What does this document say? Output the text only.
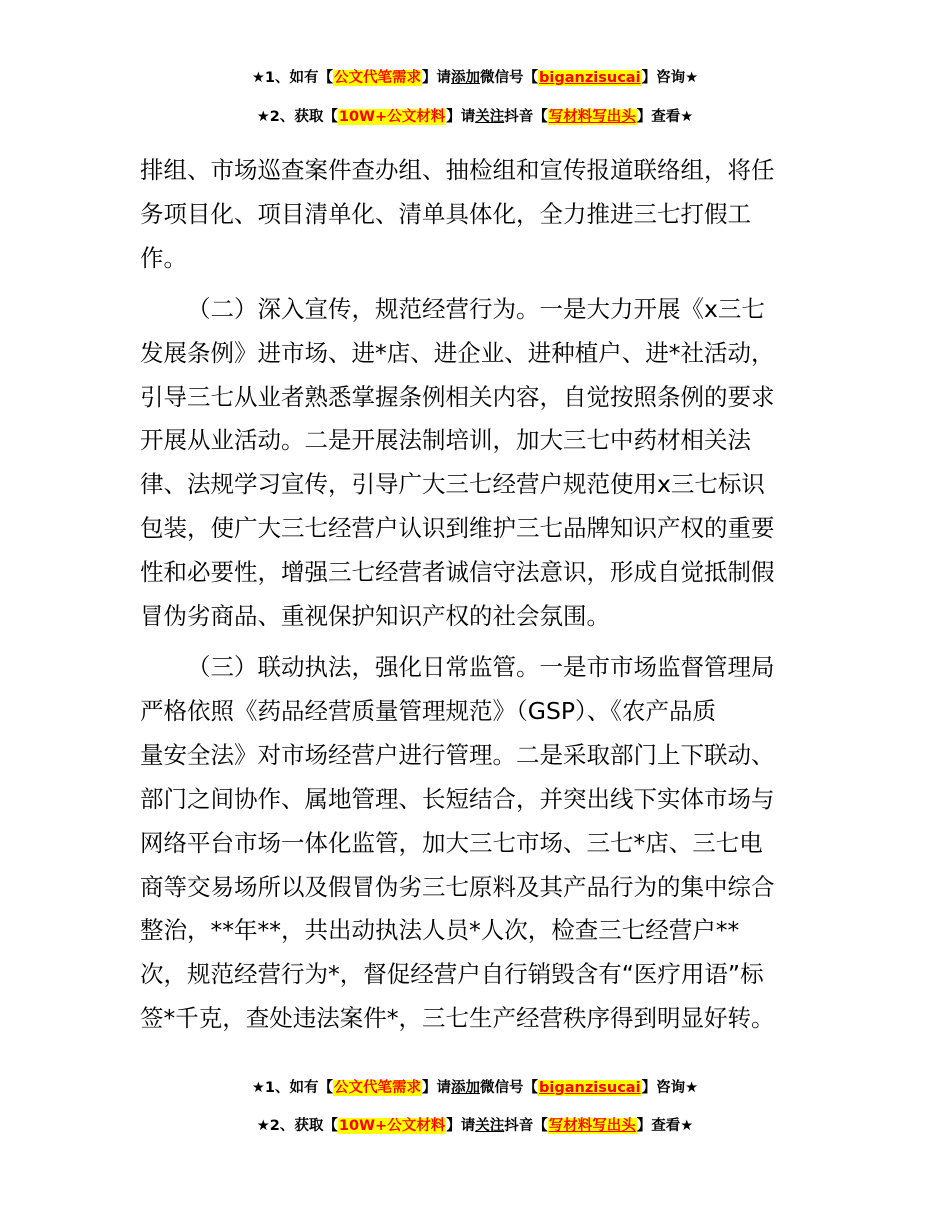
★1、如有【公文代笔需求】请添加微信号【biganzisucai】咨询★
★2、获取【10W+公文材料】请关注抖音【写材料写出头】查看★

排组、市场巡查案件查办组、抽检组和宣传报道联络组，将任
务项目化、项目清单化、清单具体化，全力推进三七打假工
作。

（二）深入宣传，规范经营行为。一是大力开展《x三七
发展条例》进市场、进*店、进企业、进种植户、进*社活动，
引导三七从业者熟悉掌握条例相关内容，自觉按照条例的要求
开展从业活动。二是开展法制培训，加大三七中药材相关法
律、法规学习宣传，引导广大三七经营户规范使用x三七标识
包装，使广大三七经营户认识到维护三七品牌知识产权的重要
性和必要性，增强三七经营者诚信守法意识，形成自觉抵制假
冒伪劣商品、重视保护知识产权的社会氛围。

（三）联动执法，强化日常监管。一是市市场监督管理局
严格依照《药品经营质量管理规范》（GSP）、《农产品质
量安全法》对市场经营户进行管理。二是采取部门上下联动、
部门之间协作、属地管理、长短结合，并突出线下实体市场与
网络平台市场一体化监管，加大三七市场、三七*店、三七电
商等交易场所以及假冒伪劣三七原料及其产品行为的集中综合
整治，**年**，共出动执法人员*人次，检查三七经营户**
次，规范经营行为*，督促经营户自行销毁含有“医疗用语”标
签*千克，查处违法案件*，三七生产经营秩序得到明显好转。

★1、如有【公文代笔需求】请添加微信号【biganzisucai】咨询★
★2、获取【10W+公文材料】请关注抖音【写材料写出头】查看★
